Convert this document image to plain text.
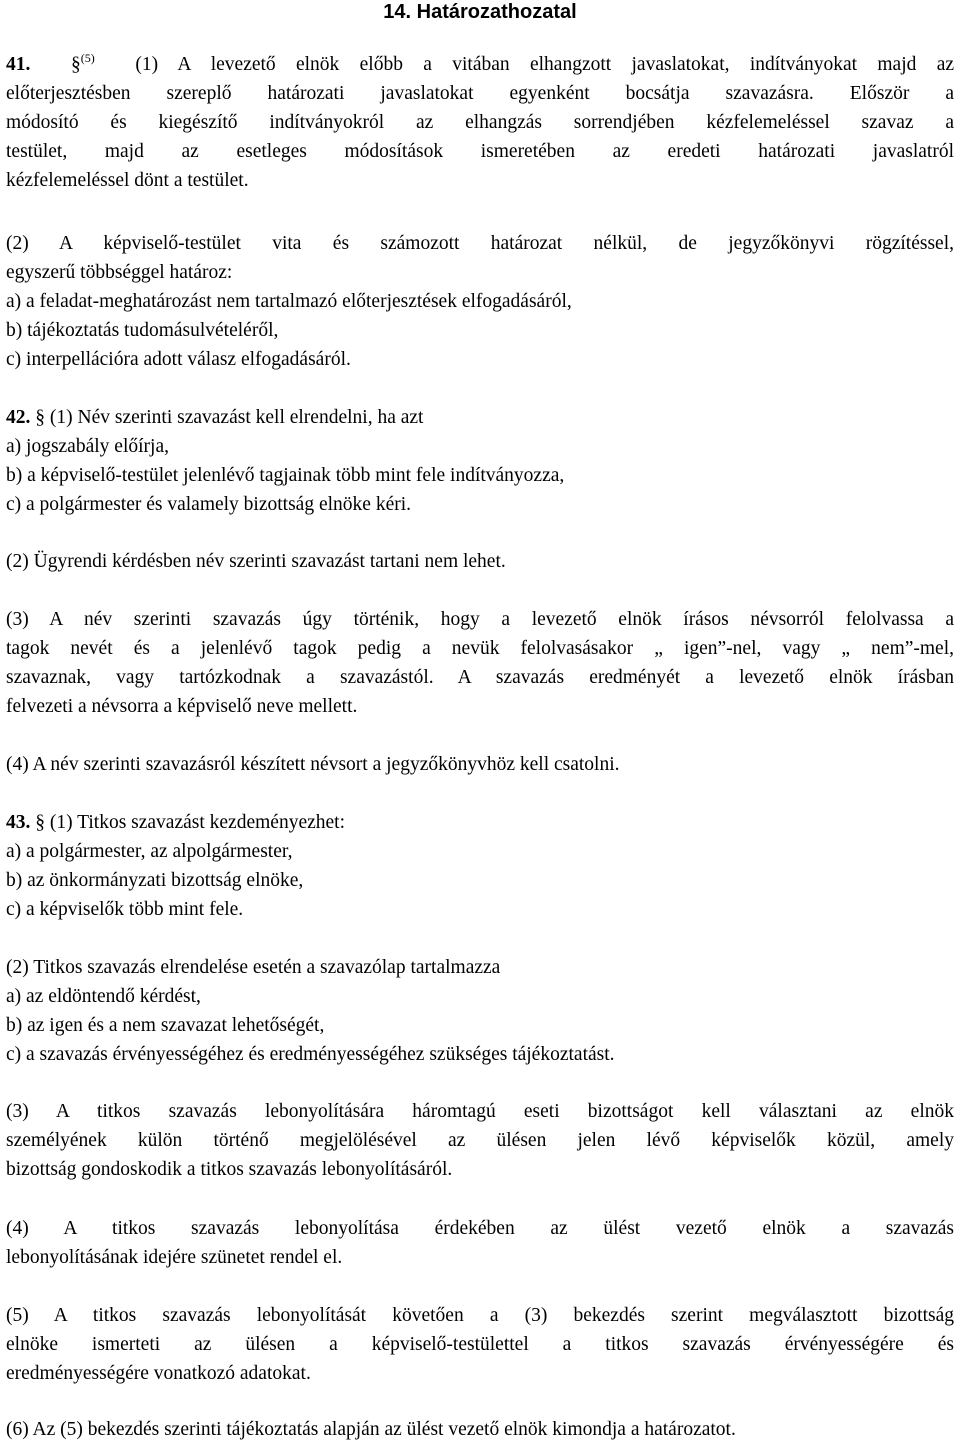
14. Határozathozatal
41. §$^{(5)}$ (1) A levezető elnök előbb a vitában elhangzott javaslatokat, indítványokat majd az
előterjesztésben szereplő határozati javaslatokat egyenként bocsátja szavazásra. Először a
módosító és kiegészítő indítványokról az elhangzás sorrendjében kézfelemeléssel szavaz a
testület, majd az esetleges módosítások ismeretében az eredeti határozati javaslatról
kézfelemeléssel dönt a testület.
(2) A képviselő-testület vita és számozott határozat nélkül, de jegyzőkönyvi rögzítéssel,
egyszerű többséggel határoz:
a) a feladat-meghatározást nem tartalmazó előterjesztések elfogadásáról,
b) tájékoztatás tudomásulvételéről,
c) interpellációra adott válasz elfogadásáról.
42. § (1) Név szerinti szavazást kell elrendelni, ha azt
a) jogszabály előírja,
b) a képviselő-testület jelenlévő tagjainak több mint fele indítványozza,
c) a polgármester és valamely bizottság elnöke kéri.
(2) Ügyrendi kérdésben név szerinti szavazást tartani nem lehet.
(3) A név szerinti szavazás úgy történik, hogy a levezető elnök írásos névsorról felolvassa a
tagok nevét és a jelenlévő tagok pedig a nevük felolvasásakor „ igen”-nel, vagy „ nem”-mel,
szavaznak, vagy tartózkodnak a szavazástól. A szavazás eredményét a levezető elnök írásban
felvezeti a névsorra a képviselő neve mellett.
(4) A név szerinti szavazásról készített névsort a jegyzőkönyvhöz kell csatolni.
43. § (1) Titkos szavazást kezdeményezhet:
a) a polgármester, az alpolgármester,
b) az önkormányzati bizottság elnöke,
c) a képviselők több mint fele.
(2) Titkos szavazás elrendelése esetén a szavazólap tartalmazza
a) az eldöntendő kérdést,
b) az igen és a nem szavazat lehetőségét,
c) a szavazás érvényességéhez és eredményességéhez szükséges tájékoztatást.
(3) A titkos szavazás lebonyolítására háromtagú eseti bizottságot kell választani az elnök
személyének külön történő megjelölésével az ülésen jelen lévő képviselők közül, amely
bizottság gondoskodik a titkos szavazás lebonyolításáról.
(4) A titkos szavazás lebonyolítása érdekében az ülést vezető elnök a szavazás
lebonyolításának idejére szünetet rendel el.
(5) A titkos szavazás lebonyolítását követően a (3) bekezdés szerint megválasztott bizottság
elnöke ismerteti az ülésen a képviselő-testülettel a titkos szavazás érvényességére és
eredményességére vonatkozó adatokat.
(6) Az (5) bekezdés szerinti tájékoztatás alapján az ülést vezető elnök kimondja a határozatot.
